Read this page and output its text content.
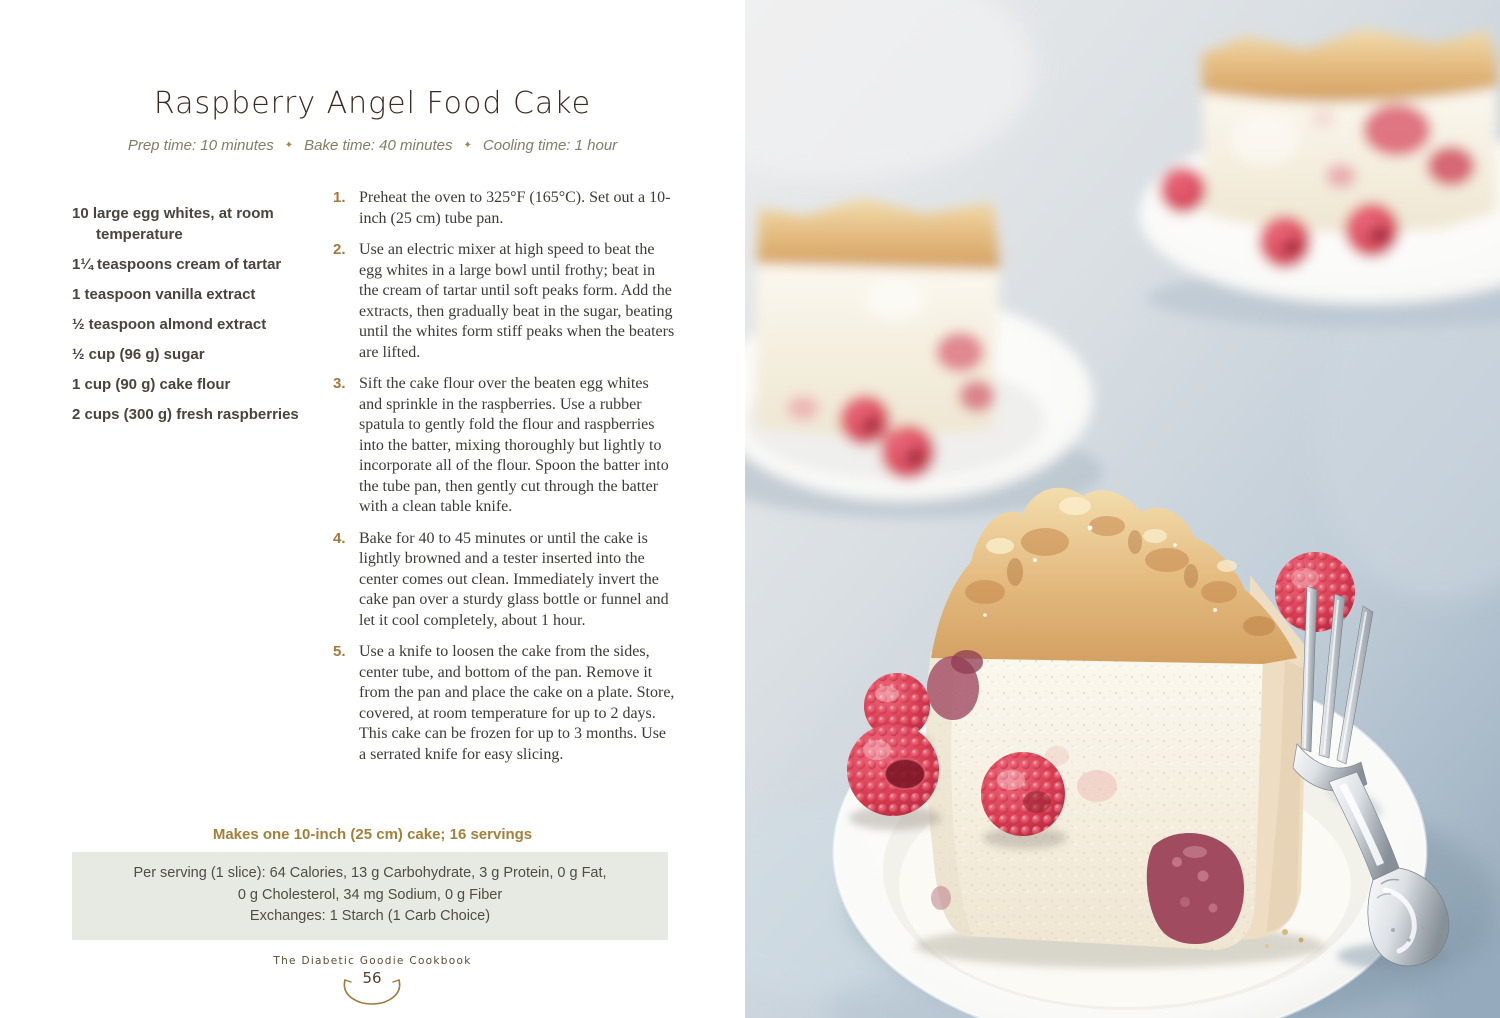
Raspberry Angel Food Cake
Prep time: 10 minutes ✦ Bake time: 40 minutes ✦ Cooling time: 1 hour
10 large egg whites, at room temperature
1¼ teaspoons cream of tartar
1 teaspoon vanilla extract
½ teaspoon almond extract
½ cup (96 g) sugar
1 cup (90 g) cake flour
2 cups (300 g) fresh raspberries
1. Preheat the oven to 325°F (165°C). Set out a 10-inch (25 cm) tube pan.
2. Use an electric mixer at high speed to beat the egg whites in a large bowl until frothy; beat in the cream of tartar until soft peaks form. Add the extracts, then gradually beat in the sugar, beating until the whites form stiff peaks when the beaters are lifted.
3. Sift the cake flour over the beaten egg whites and sprinkle in the raspberries. Use a rubber spatula to gently fold the flour and raspberries into the batter, mixing thoroughly but lightly to incorporate all of the flour. Spoon the batter into the tube pan, then gently cut through the batter with a clean table knife.
4. Bake for 40 to 45 minutes or until the cake is lightly browned and a tester inserted into the center comes out clean. Immediately invert the cake pan over a sturdy glass bottle or funnel and let it cool completely, about 1 hour.
5. Use a knife to loosen the cake from the sides, center tube, and bottom of the pan. Remove it from the pan and place the cake on a plate. Store, covered, at room temperature for up to 2 days. This cake can be frozen for up to 3 months. Use a serrated knife for easy slicing.
Makes one 10-inch (25 cm) cake; 16 servings
Per serving (1 slice): 64 Calories, 13 g Carbohydrate, 3 g Protein, 0 g Fat,
0 g Cholesterol, 34 mg Sodium, 0 g Fiber
Exchanges: 1 Starch (1 Carb Choice)
The Diabetic Goodie Cookbook
56
